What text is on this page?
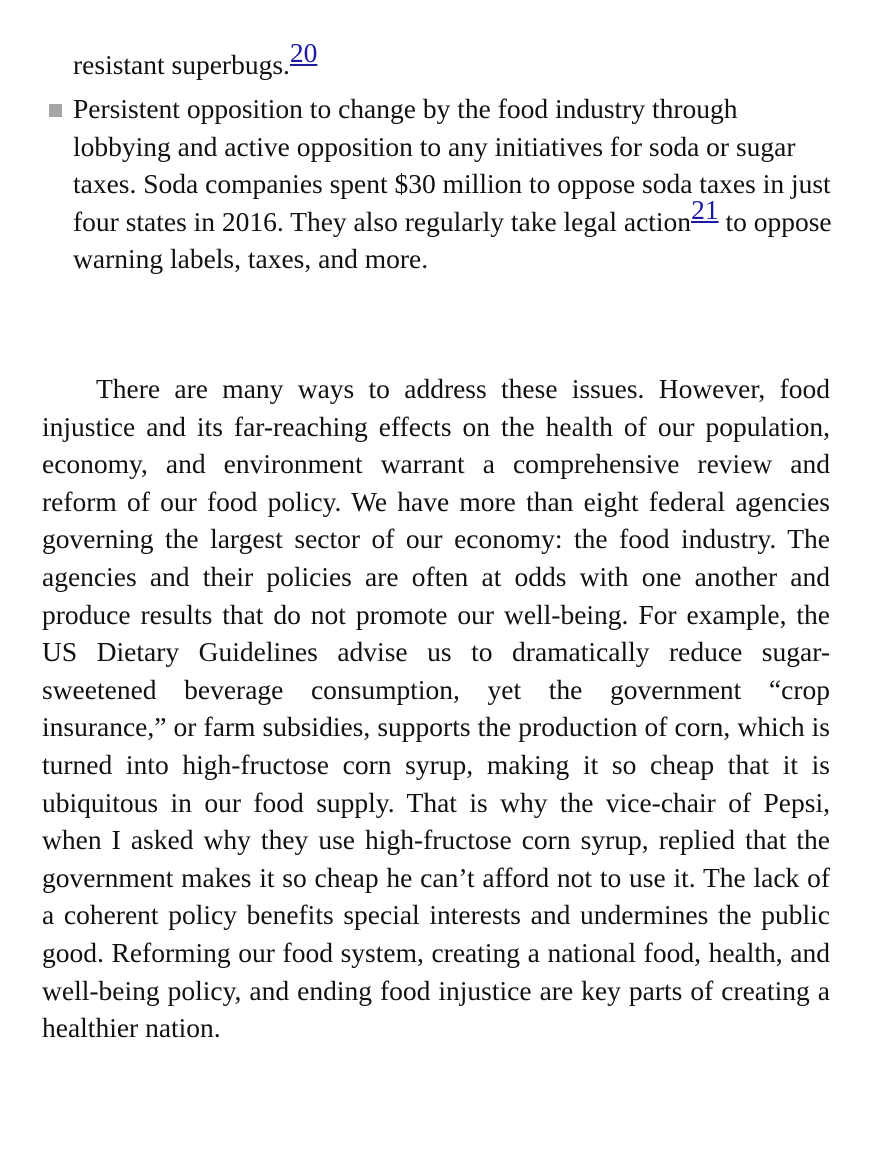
resistant superbugs.20
Persistent opposition to change by the food industry through lobbying and active opposition to any initiatives for soda or sugar taxes. Soda companies spent $30 million to oppose soda taxes in just four states in 2016. They also regularly take legal action21 to oppose warning labels, taxes, and more.

There are many ways to address these issues. However, food injustice and its far-reaching effects on the health of our population, economy, and environment warrant a comprehensive review and reform of our food policy. We have more than eight federal agencies governing the largest sector of our economy: the food industry. The agencies and their policies are often at odds with one another and produce results that do not promote our well-being. For example, the US Dietary Guidelines advise us to dramatically reduce sugar-sweetened beverage consumption, yet the government “crop insurance,” or farm subsidies, supports the production of corn, which is turned into high-fructose corn syrup, making it so cheap that it is ubiquitous in our food supply. That is why the vice-chair of Pepsi, when I asked why they use high-fructose corn syrup, replied that the government makes it so cheap he can’t afford not to use it. The lack of a coherent policy benefits special interests and undermines the public good. Reforming our food system, creating a national food, health, and well-being policy, and ending food injustice are key parts of creating a healthier nation.
